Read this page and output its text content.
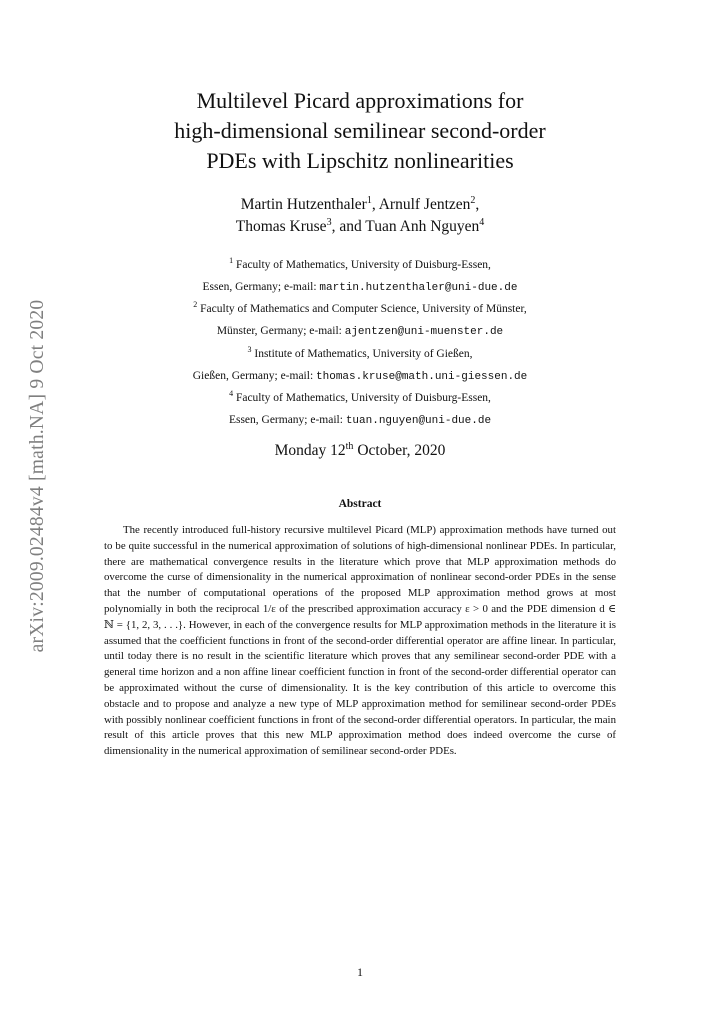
arXiv:2009.02484v4 [math.NA] 9 Oct 2020
Multilevel Picard approximations for
high-dimensional semilinear second-order
PDEs with Lipschitz nonlinearities
Martin Hutzenthaler$^1$, Arnulf Jentzen$^2$,
Thomas Kruse$^3$, and Tuan Anh Nguyen$^4$
$^1$ Faculty of Mathematics, University of Duisburg-Essen,
Essen, Germany; e-mail: martin.hutzenthaler@uni-due.de
$^2$ Faculty of Mathematics and Computer Science, University of Münster,
Münster, Germany; e-mail: ajentzen@uni-muenster.de
$^3$ Institute of Mathematics, University of Gießen,
Gießen, Germany; e-mail: thomas.kruse@math.uni-giessen.de
$^4$ Faculty of Mathematics, University of Duisburg-Essen,
Essen, Germany; e-mail: tuan.nguyen@uni-due.de
Monday 12th October, 2020
Abstract
The recently introduced full-history recursive multilevel Picard (MLP) approximation methods have turned out to be quite successful in the numerical approximation of solutions of high-dimensional nonlinear PDEs. In particular, there are mathematical convergence results in the literature which prove that MLP approximation methods do overcome the curse of dimensionality in the numerical approximation of nonlinear second-order PDEs in the sense that the number of computational operations of the proposed MLP approximation method grows at most polynomially in both the reciprocal 1/ε of the prescribed approximation accuracy ε > 0 and the PDE dimension d ∈ ℕ = {1, 2, 3, . . .}. However, in each of the convergence results for MLP approximation methods in the literature it is assumed that the coefficient functions in front of the second-order differential operator are affine linear. In particular, until today there is no result in the scientific literature which proves that any semilinear second-order PDE with a general time horizon and a non affine linear coefficient function in front of the second-order differential operator can be approximated without the curse of dimensionality. It is the key contribution of this article to overcome this obstacle and to propose and analyze a new type of MLP approximation method for semilinear second-order PDEs with possibly nonlinear coefficient functions in front of the second-order differential operators. In particular, the main result of this article proves that this new MLP approximation method does indeed overcome the curse of dimensionality in the numerical approximation of semilinear second-order PDEs.
1
